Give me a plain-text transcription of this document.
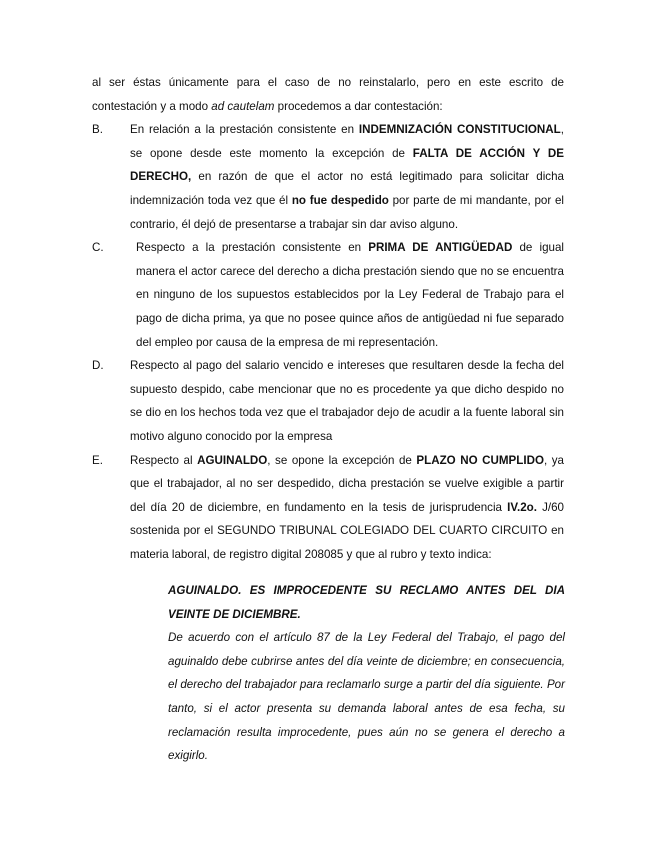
al ser éstas únicamente para el caso de no reinstalarlo, pero en este escrito de contestación y a modo ad cautelam procedemos a dar contestación:

B.	En relación a la prestación consistente en INDEMNIZACIÓN CONSTITUCIONAL, se opone desde este momento la excepción de FALTA DE ACCIÓN Y DE DERECHO, en razón de que el actor no está legitimado para solicitar dicha indemnización toda vez que él no fue despedido por parte de mi mandante, por el contrario, él dejó de presentarse a trabajar sin dar aviso alguno.
C.	Respecto a la prestación consistente en PRIMA DE ANTIGÜEDAD de igual manera el actor carece del derecho a dicha prestación siendo que no se encuentra en ninguno de los supuestos establecidos por la Ley Federal de Trabajo para el pago de dicha prima, ya que no posee quince años de antigüedad ni fue separado del empleo por causa de la empresa de mi representación.
D.	Respecto al pago del salario vencido e intereses que resultaren desde la fecha del supuesto despido, cabe mencionar que no es procedente ya que dicho despido no se dio en los hechos toda vez que el trabajador dejo de acudir a la fuente laboral sin motivo alguno conocido por la empresa
E.	Respecto al AGUINALDO, se opone la excepción de PLAZO NO CUMPLIDO, ya que el trabajador, al no ser despedido, dicha prestación se vuelve exigible a partir del día 20 de diciembre, en fundamento en la tesis de jurisprudencia IV.2o. J/60 sostenida por el SEGUNDO TRIBUNAL COLEGIADO DEL CUARTO CIRCUITO en materia laboral, de registro digital 208085 y que al rubro y texto indica:

AGUINALDO. ES IMPROCEDENTE SU RECLAMO ANTES DEL DIA VEINTE DE DICIEMBRE.

De acuerdo con el artículo 87 de la Ley Federal del Trabajo, el pago del aguinaldo debe cubrirse antes del día veinte de diciembre; en consecuencia, el derecho del trabajador para reclamarlo surge a partir del día siguiente. Por tanto, si el actor presenta su demanda laboral antes de esa fecha, su reclamación resulta improcedente, pues aún no se genera el derecho a exigirlo.
